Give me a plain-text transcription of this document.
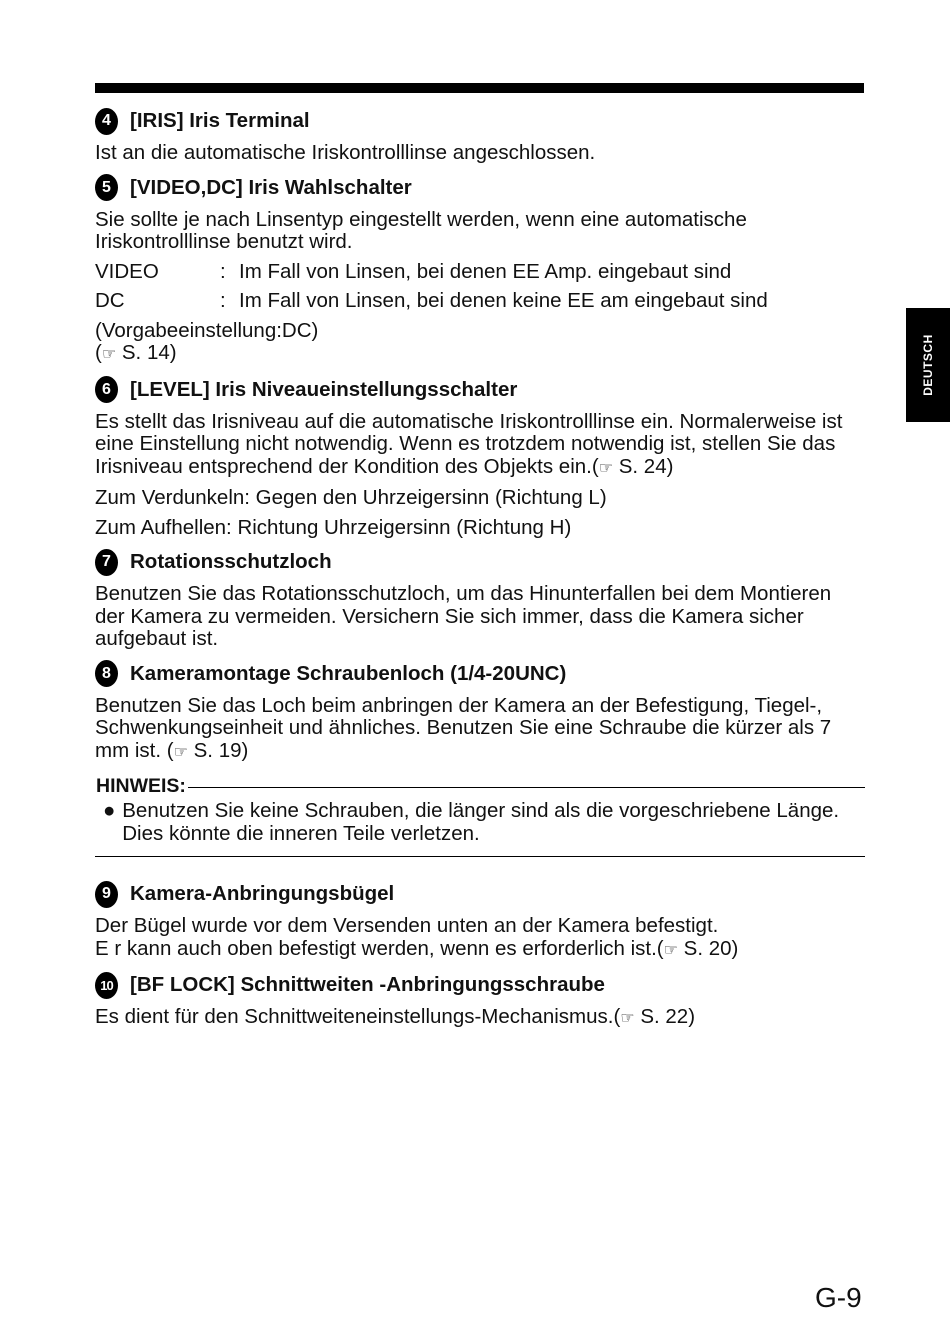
DEUTSCH
4 [IRIS] Iris Terminal

Ist an die automatische Iriskontrolllinse angeschlossen.

5 [VIDEO,DC] Iris Wahlschalter

Sie sollte je nach Linsentyp eingestellt werden, wenn eine automatische Iriskontrolllinse benutzt wird.

VIDEO	: Im Fall von Linsen, bei denen EE Amp. eingebaut sind
DC	: Im Fall von Linsen, bei denen keine EE am eingebaut sind

(Vorgabeeinstellung:DC)

(☞ S. 14)

6 [LEVEL] Iris Niveaueinstellungsschalter

Es stellt das Irisniveau auf die automatische Iriskontrolllinse ein. Normalerweise ist eine Einstellung nicht notwendig. Wenn es trotzdem notwendig ist, stellen Sie das Irisniveau entsprechend der Kondition des Objekts ein.(☞ S. 24)

Zum Verdunkeln: Gegen den Uhrzeigersinn (Richtung L)

Zum Aufhellen: Richtung Uhrzeigersinn (Richtung H)

7 Rotationsschutzloch

Benutzen Sie das Rotationsschutzloch, um das Hinunterfallen bei dem Montieren der Kamera zu vermeiden. Versichern Sie sich immer, dass die Kamera sicher aufgebaut ist.

8 Kameramontage Schraubenloch (1/4-20UNC)

Benutzen Sie das Loch beim anbringen der Kamera an der Befestigung, Tiegel-, Schwenkungseinheit und ähnliches. Benutzen Sie eine Schraube die kürzer als 7 mm ist. (☞ S. 19)

HINWEIS:
● Benutzen Sie keine Schrauben, die länger sind als die vorgeschriebene Länge. Dies könnte die inneren Teile verletzen.
9 Kamera-Anbringungsbügel

Der Bügel wurde vor dem Versenden unten an der Kamera befestigt.

E r kann auch oben befestigt werden, wenn es erforderlich ist.(☞ S. 20)

10 [BF LOCK] Schnittweiten -Anbringungsschraube

Es dient für den Schnittweiteneinstellungs-Mechanismus.(☞ S. 22)

G-9
